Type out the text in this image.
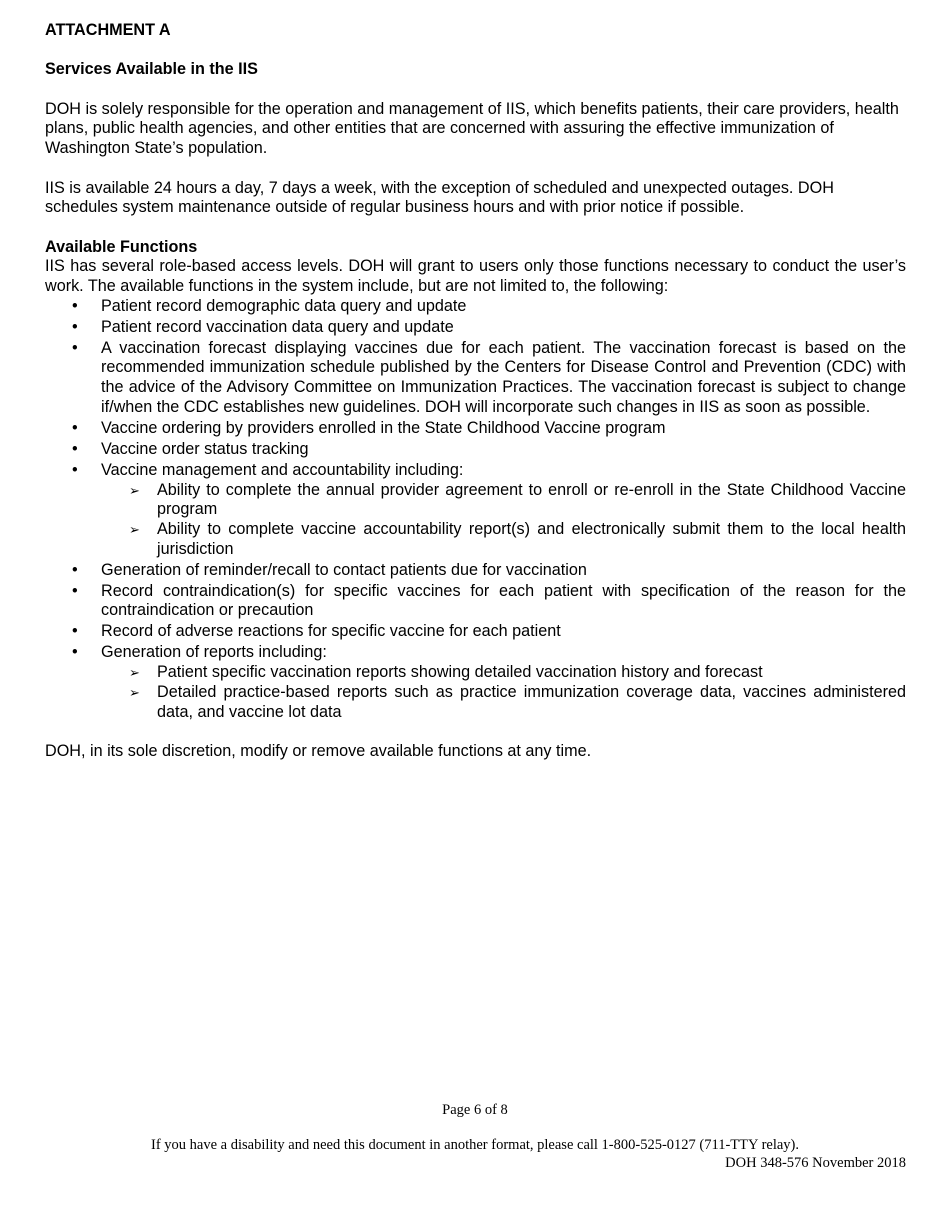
ATTACHMENT A
Services Available in the IIS
DOH is solely responsible for the operation and management of IIS, which benefits patients, their care providers, health plans, public health agencies, and other entities that are concerned with assuring the effective immunization of Washington State’s population.
IIS is available 24 hours a day, 7 days a week, with the exception of scheduled and unexpected outages. DOH schedules system maintenance outside of regular business hours and with prior notice if possible.
Available Functions
IIS has several role-based access levels. DOH will grant to users only those functions necessary to conduct the user’s work. The available functions in the system include, but are not limited to, the following:
• Patient record demographic data query and update
• Patient record vaccination data query and update
• A vaccination forecast displaying vaccines due for each patient. The vaccination forecast is based on the recommended immunization schedule published by the Centers for Disease Control and Prevention (CDC) with the advice of the Advisory Committee on Immunization Practices. The vaccination forecast is subject to change if/when the CDC establishes new guidelines. DOH will incorporate such changes in IIS as soon as possible.
• Vaccine ordering by providers enrolled in the State Childhood Vaccine program
• Vaccine order status tracking
• Vaccine management and accountability including:
➢ Ability to complete the annual provider agreement to enroll or re-enroll in the State Childhood Vaccine program
➢ Ability to complete vaccine accountability report(s) and electronically submit them to the local health jurisdiction
• Generation of reminder/recall to contact patients due for vaccination
• Record contraindication(s) for specific vaccines for each patient with specification of the reason for the contraindication or precaution
• Record of adverse reactions for specific vaccine for each patient
• Generation of reports including:
➢ Patient specific vaccination reports showing detailed vaccination history and forecast
➢ Detailed practice-based reports such as practice immunization coverage data, vaccines administered data, and vaccine lot data
DOH, in its sole discretion, modify or remove available functions at any time.
Page 6 of 8
If you have a disability and need this document in another format, please call 1-800-525-0127 (711-TTY relay).
DOH 348-576 November 2018
